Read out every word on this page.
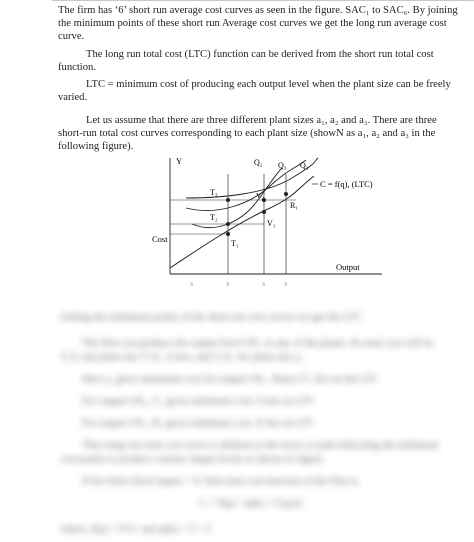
The firm has ‘6’ short run average cost curves as seen in the figure. SAC₁ to SAC₆. By joining the minimum points of these short run Average cost curves we get the long run average cost curve.

The long run total cost (LTC) function can be derived from the short run total cost function.

LTC = minimum cost of producing each output level when the plant size can be freely varied.

Let us assume that there are three different plant sizes a₁, a₂ and a₃. There are three short-run total cost curves corresponding to each plant size (showN as a₁, a₂ and a₃ in the following figure).

Y
Cost
Output
T₁
T₂
T₃
V₁
V₂
R₁
Q₂ Q₃ Q₃
C = f(q), (LTC)
x	x	x	x
Joining the minimum points of the short run cost curves we get the LTC
The firm can produce the output level OX₁ in any of the plants. Its total cost will be
T₁X, but plant size T₁X₁ is less, and T₂X₁ for plant size a₂
Here a₁ gives minimum cost for output OX₁. Hence T₁ lies on the LTC
For output OX₂, V₂ gives minimum cost. It lies on LTC
For output OX₃, R₃ gives minimum cost. It lies on LTC
Thus long run total cost curve is defined as the locus or path indicating the minimum
cost points to produce various output levels as shown in figure.
If the firms fixed inputs = 'k' then total cost function of the firm is
C = f(q) = φ(k) = C(q,k)
where, f(q) = TVC and φ(k) = T = C
